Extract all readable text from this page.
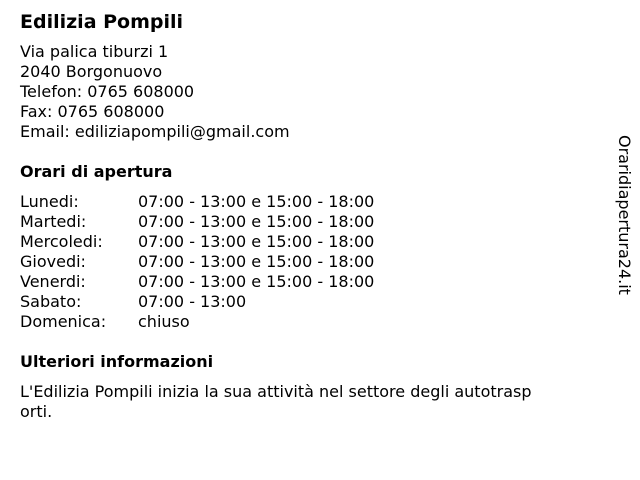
Edilizia Pompili
Via palica tiburzi 1
2040 Borgonuovo
Telefon: 0765 608000
Fax: 0765 608000
Email: ediliziapompili@gmail.com
Orari di apertura
Lunedi:	07:00 - 13:00 e 15:00 - 18:00
Martedi:	07:00 - 13:00 e 15:00 - 18:00
Mercoledi:	07:00 - 13:00 e 15:00 - 18:00
Giovedi:	07:00 - 13:00 e 15:00 - 18:00
Venerdi:	07:00 - 13:00 e 15:00 - 18:00
Sabato:	07:00 - 13:00
Domenica:	chiuso
Ulteriori informazioni
L'Edilizia Pompili inizia la sua attività nel settore degli autotrasporti.
Oraridiapertura24.it
